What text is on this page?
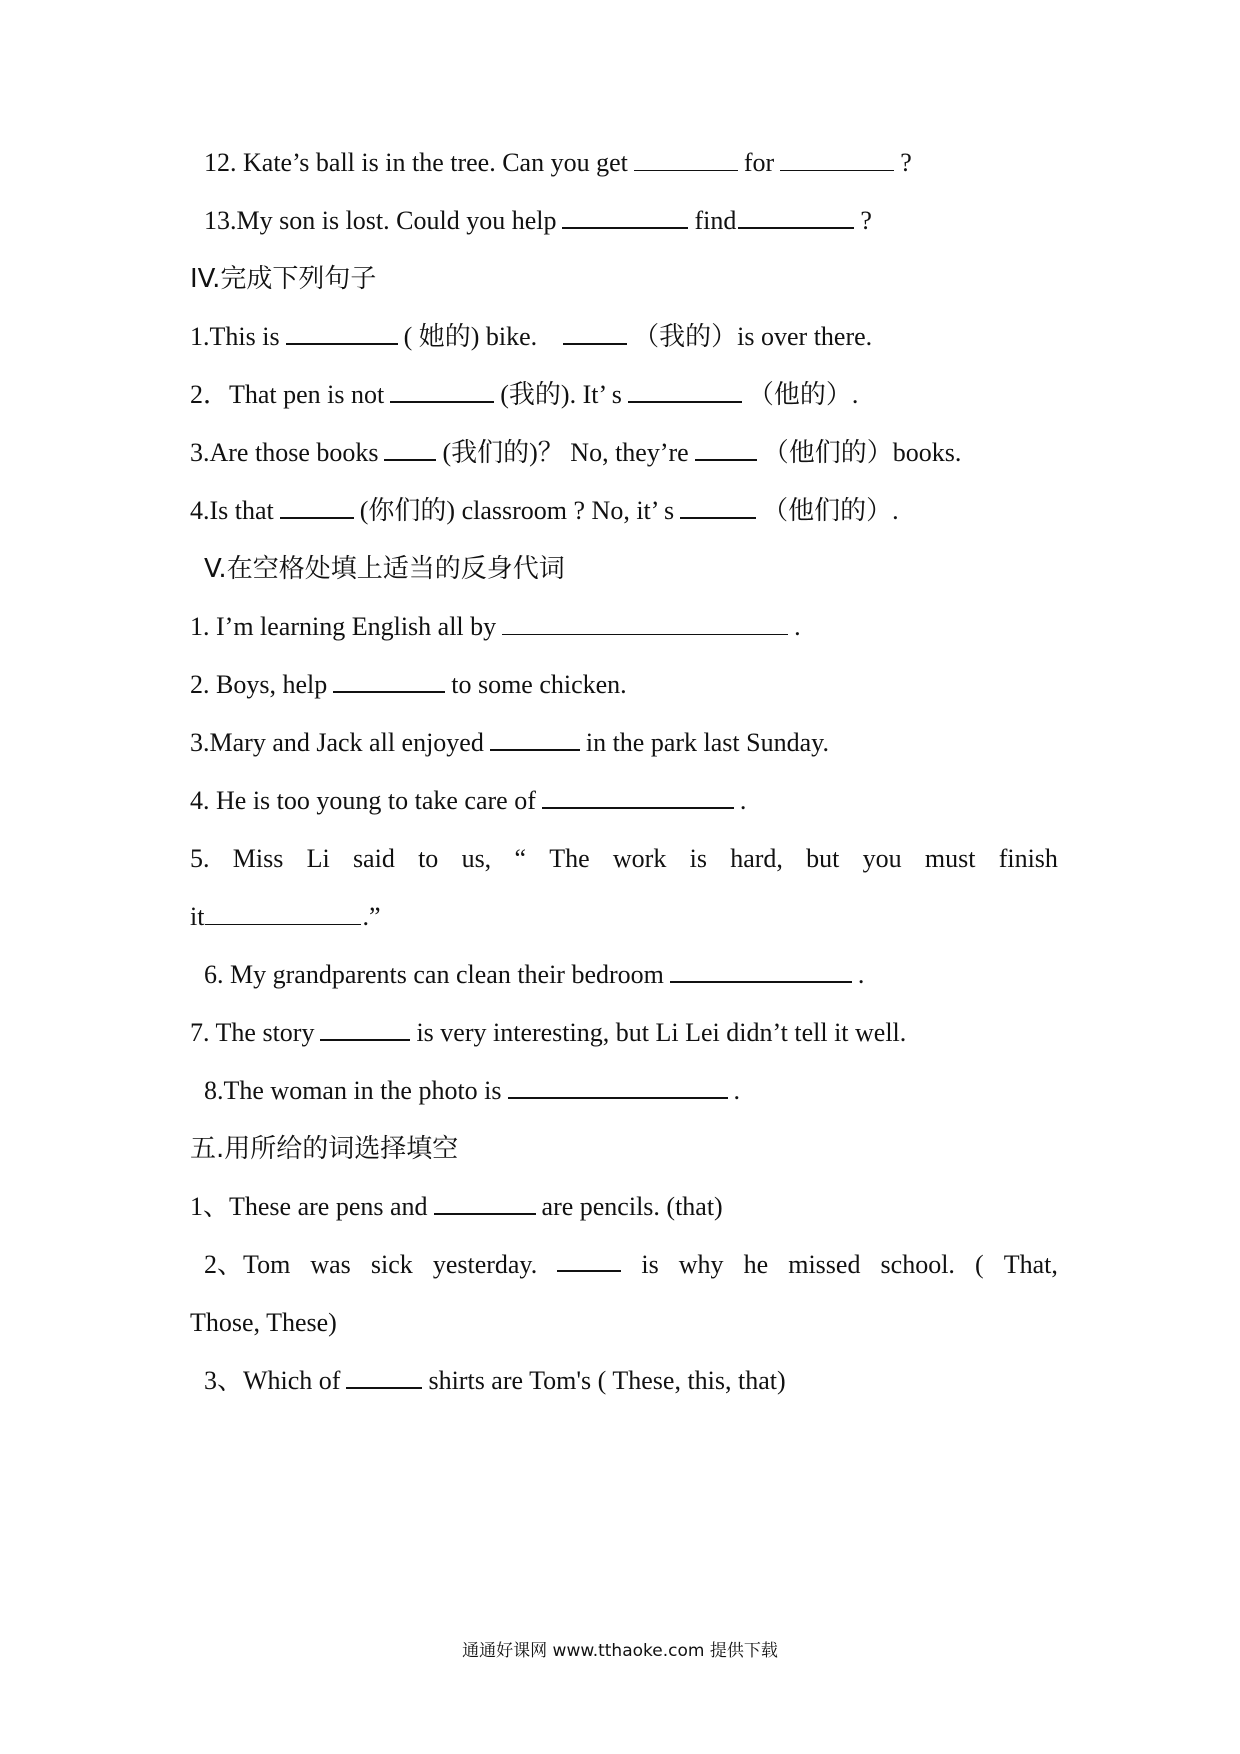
12. Kate’s ball is in the tree. Can you get	for	?
13.My son is lost. Could you help	find	?
IV.完成下列句子
1.This is	( 她的) bike.	（我的）is over there.
2．That pen is not	(我的). It’ s	（他的）.
3.Are those books (我们的)？ No, they’re	（他们的）books.
4.Is that	(你们的) classroom ? No, it’ s	（他们的）.
V.在空格处填上适当的反身代词
1. I’m learning English all by	.
2. Boys, help	to some chicken.
3.Mary and Jack all enjoyed	in the park last Sunday.
4. He is too young to take care of	.
5. Miss Li said to us, “ The work is hard, but you must finish
it	.”
6. My grandparents can clean their bedroom	.
7. The story	is very interesting, but Li Lei didn’t tell it well.
8.The woman in the photo is	.
五.用所给的词选择填空
1、These are pens and	are pencils. (that)
2、Tom was sick yesterday.	is why he missed school. ( That,
Those, These)
3、Which of	shirts are Tom's ( These, this, that)
通通好课网 www.tthaoke.com 提供下载
